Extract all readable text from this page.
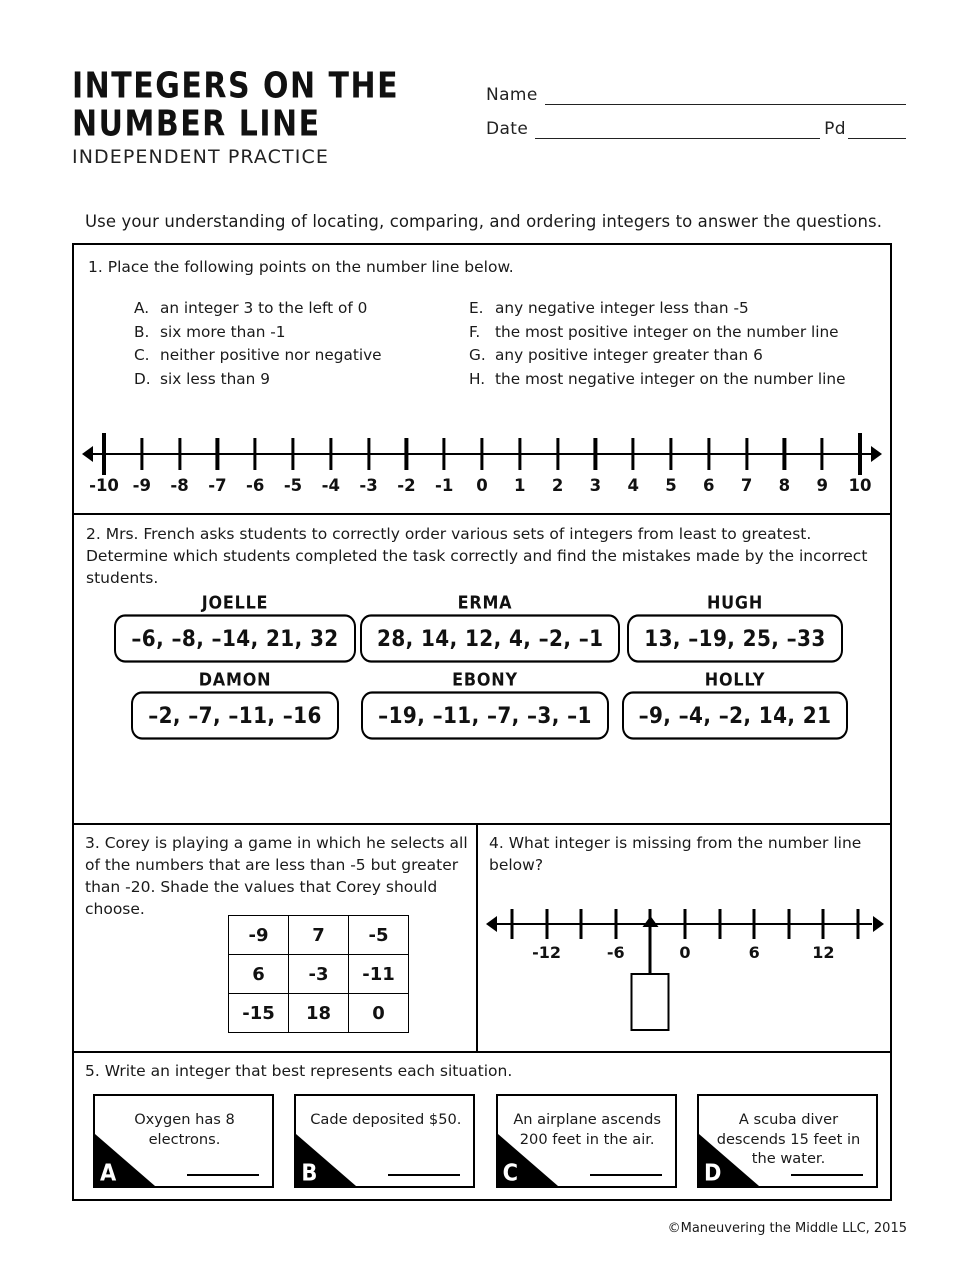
INTEGERS ON THE
NUMBER LINE
INDEPENDENT PRACTICE
Name
Date	Pd
Use your understanding of locating, comparing, and ordering integers to answer the questions.
1. Place the following points on the number line below.
A. an integer 3 to the left of 0
B. six more than -1
C. neither positive nor negative
D. six less than 9
E. any negative integer less than -5
F. the most positive integer on the number line
G. any positive integer greater than 6
H. the most negative integer on the number line
-10 -9 -8 -7 -6 -5 -4 -3 -2 -1 0 1 2 3 4 5 6 7 8 9 10
2. Mrs. French asks students to correctly order various sets of integers from least to greatest. Determine which students completed the task correctly and find the mistakes made by the incorrect students.
JOELLE
–6, –8, –14, 21, 32
ERMA
28, 14, 12, 4, –2, –1
HUGH
13, –19, 25, –33
DAMON
–2, –7, –11, –16
EBONY
–19, –11, –7, –3, –1
HOLLY
–9, –4, –2, 14, 21
3. Corey is playing a game in which he selects all of the numbers that are less than -5 but greater than -20. Shade the values that Corey should choose.
-9	7	-5
6	-3	-11
-15	18	0
4. What integer is missing from the number line below?
-12	-6	0	6	12
5. Write an integer that best represents each situation.
A
Oxygen has 8 electrons.
B
Cade deposited $50.
C
An airplane ascends 200 feet in the air.
D
A scuba diver descends 15 feet in the water.
©Maneuvering the Middle LLC, 2015
